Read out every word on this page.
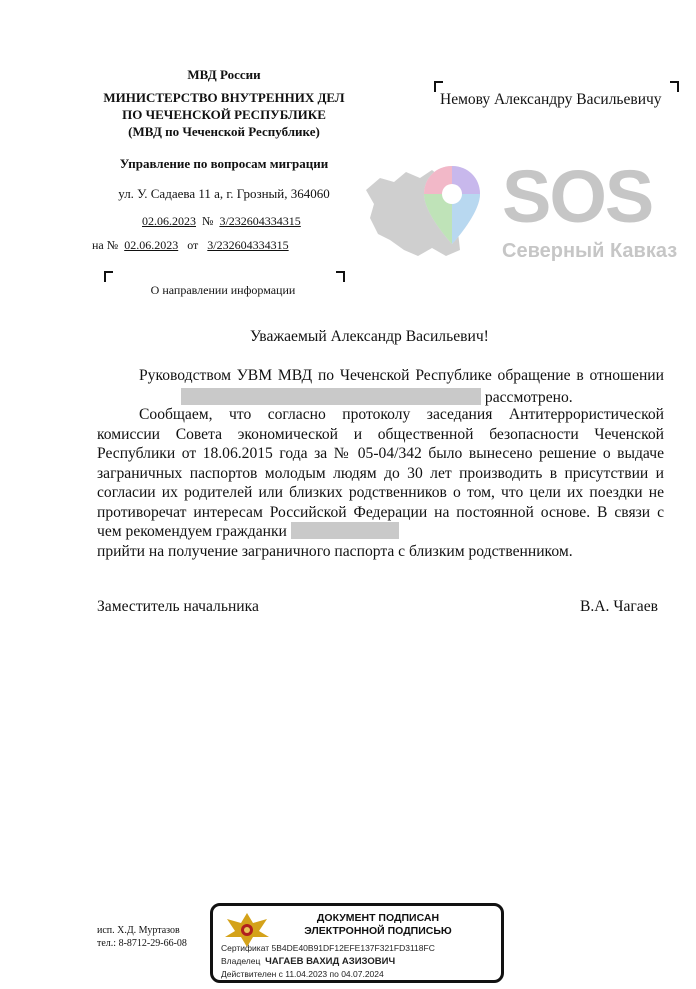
МВД России
МИНИСТЕРСТВО ВНУТРЕННИХ ДЕЛ
ПО ЧЕЧЕНСКОЙ РЕСПУБЛИКЕ
(МВД по Чеченской Республике)
Управление по вопросам миграции
ул. У. Садаева 11 а, г. Грозный, 364060
02.06.2023 № 3/232604334315
на № 02.06.2023 от 3/232604334315
О направлении информации
Немову Александру Васильевичу
SOS
Северный Кавказ
Уважаемый Александр Васильевич!
Руководством УВМ МВД по Чеченской Республике обращение в отношении
рассмотрено.
Сообщаем, что согласно протоколу заседания Антитеррористической комиссии Совета экономической и общественной безопасности Чеченской Республики от 18.06.2015 года за № 05-04/342 было вынесено решение о выдаче заграничных паспортов молодым людям до 30 лет производить в присутствии и согласии их родителей или близких родственников о том, что цели их поездки не противоречат интересам Российской Федерации на постоянной основе. В связи с чем рекомендуем гражданки
прийти на получение заграничного паспорта с близким родственником.
Заместитель начальника	В.А. Чагаев
исп. Х.Д. Муртазов
тел.: 8-8712-29-66-08
ДОКУМЕНТ ПОДПИСАН
ЭЛЕКТРОННОЙ ПОДПИСЬЮ
Сертификат 5B4DE40B91DF12EFE137F321FD3118FC
Владелец ЧАГАЕВ ВАХИД АЗИЗОВИЧ
Действителен с 11.04.2023 по 04.07.2024
